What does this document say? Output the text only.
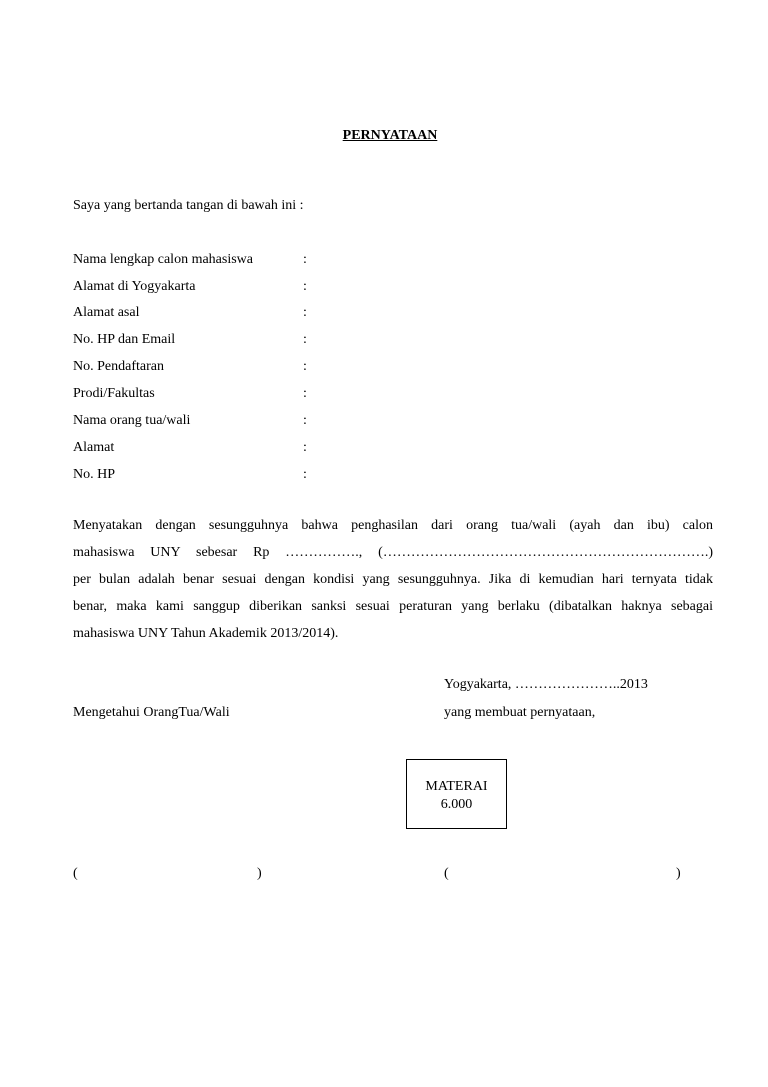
PERNYATAAN
Saya yang bertanda tangan di bawah ini :
Nama lengkap calon mahasiswa	:
Alamat di Yogyakarta	:
Alamat asal	:
No. HP dan Email	:
No. Pendaftaran	:
Prodi/Fakultas	:
Nama orang tua/wali	:
Alamat	:
No. HP	:
Menyatakan dengan sesungguhnya bahwa penghasilan dari orang tua/wali (ayah dan ibu) calon
mahasiswa UNY sebesar Rp ……………., (…………………………………………………………….)
per bulan adalah benar sesuai dengan kondisi yang sesungguhnya. Jika di kemudian hari ternyata tidak
benar, maka kami sanggup diberikan sanksi sesuai peraturan yang berlaku (dibatalkan haknya sebagai
mahasiswa UNY Tahun Akademik 2013/2014).
Yogyakarta, …………………..2013
Mengetahui OrangTua/Wali	yang membuat pernyataan,
MATERAI
6.000
(	)	(	)
